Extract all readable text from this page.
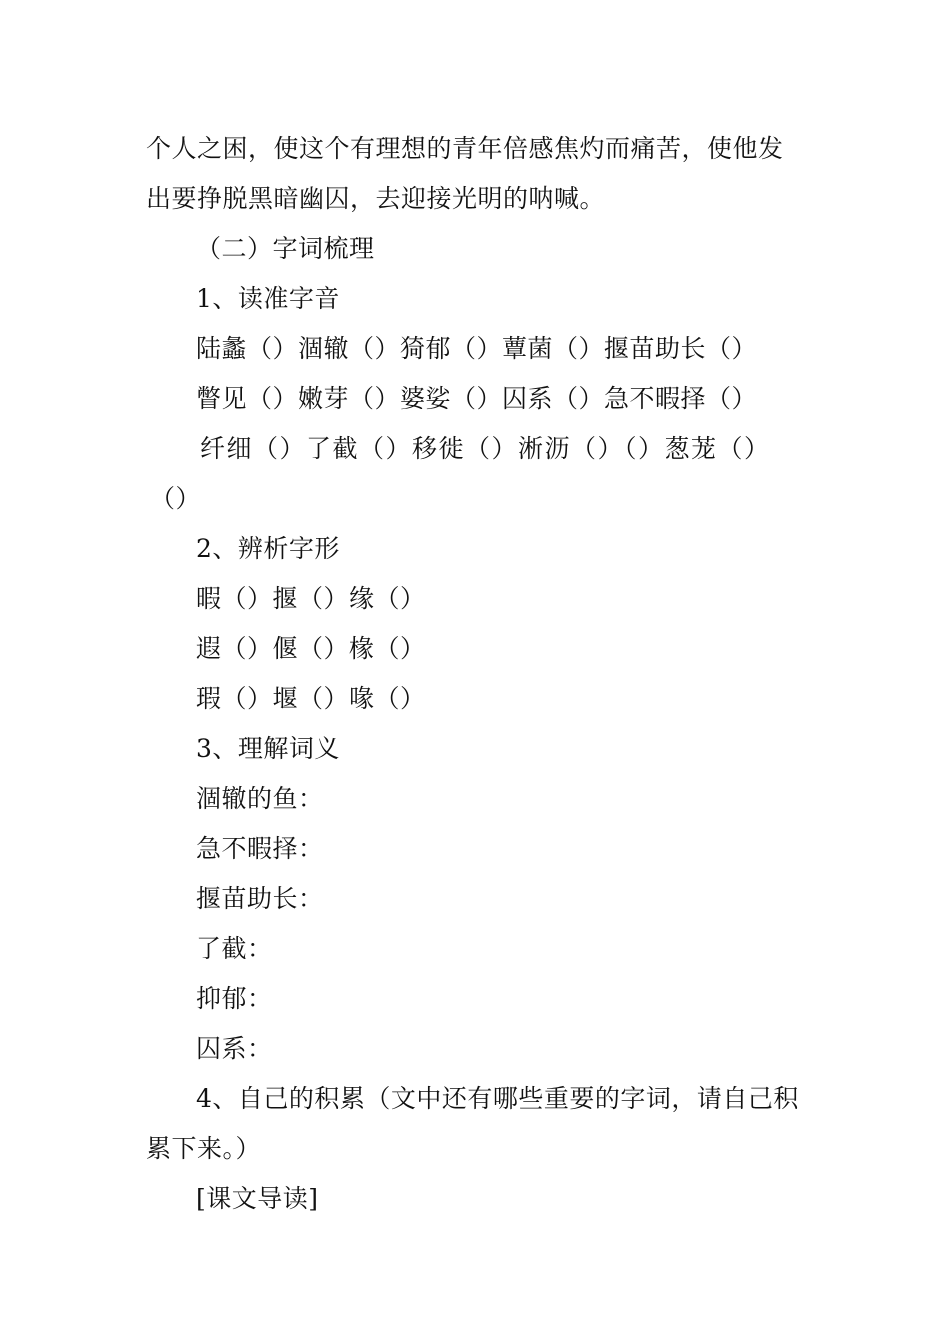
个人之困，使这个有理想的青年倍感焦灼而痛苦，使他发
出要挣脱黑暗幽囚，去迎接光明的呐喊。
（二）字词梳理
1、读准字音
陆蠡（）涸辙（）猗郁（）蕈菌（）揠苗助长（）
瞥见（）嫩芽（）婆娑（）囚系（）急不暇择（）
纤细（）了截（）移徙（）淅沥（）（）葱茏（）
（）
2、辨析字形
暇（）揠（）缘（）
遐（）偃（）椽（）
瑕（）堰（）喙（）
3、理解词义
涸辙的鱼：
急不暇择：
揠苗助长：
了截：
抑郁：
囚系：
4、自己的积累（文中还有哪些重要的字词，请自己积
累下来。）
[课文导读]
